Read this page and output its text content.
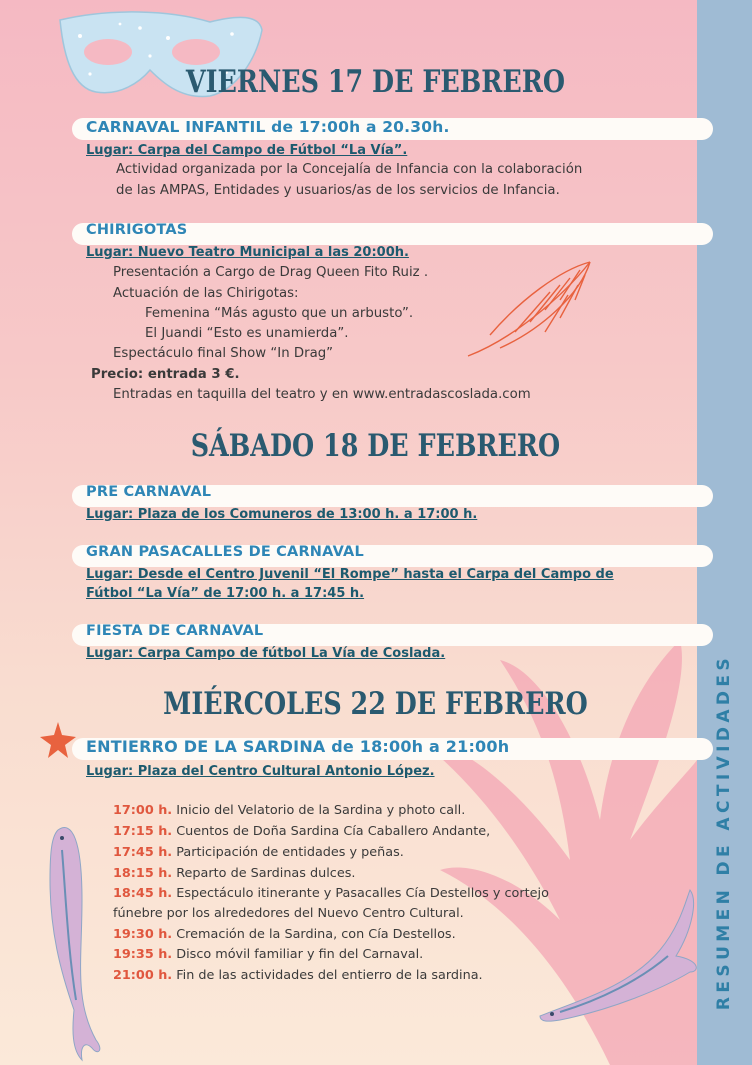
RESUMEN DE ACTIVIDADES
VIERNES 17 DE FEBRERO
CARNAVAL INFANTIL de 17:00h a 20.30h.
Lugar: Carpa del Campo de Fútbol “La Vía”.
Actividad organizada por la Concejalía de Infancia con la colaboración
de las AMPAS, Entidades y usuarios/as de los servicios de Infancia.
CHIRIGOTAS
Lugar: Nuevo Teatro Municipal a las 20:00h.
Presentación a Cargo de Drag Queen Fito Ruiz .
Actuación de las Chirigotas:
Femenina “Más agusto que un arbusto”.
El Juandi “Esto es unamierda”.
Espectáculo final Show “In Drag”
Precio: entrada 3 €.
Entradas en taquilla del teatro y en www.entradascoslada.com
SÁBADO 18 DE FEBRERO
PRE CARNAVAL
Lugar: Plaza de los Comuneros de 13:00 h. a 17:00 h.
GRAN PASACALLES DE CARNAVAL
Lugar: Desde el Centro Juvenil “El Rompe” hasta el Carpa del Campo de
Fútbol “La Vía” de 17:00 h. a 17:45 h.
FIESTA DE CARNAVAL
Lugar: Carpa Campo de fútbol La Vía de Coslada.
MIÉRCOLES 22 DE FEBRERO
ENTIERRO DE LA SARDINA de 18:00h a 21:00h
Lugar: Plaza del Centro Cultural Antonio López.
17:00 h. Inicio del Velatorio de la Sardina y photo call.
17:15 h. Cuentos de Doña Sardina Cía Caballero Andante,
17:45 h. Participación de entidades y peñas.
18:15 h. Reparto de Sardinas dulces.
18:45 h. Espectáculo itinerante y Pasacalles Cía Destellos y cortejo
fúnebre por los alrededores del Nuevo Centro Cultural.
19:30 h. Cremación de la Sardina, con Cía Destellos.
19:35 h. Disco móvil familiar y fin del Carnaval.
21:00 h. Fin de las actividades del entierro de la sardina.
